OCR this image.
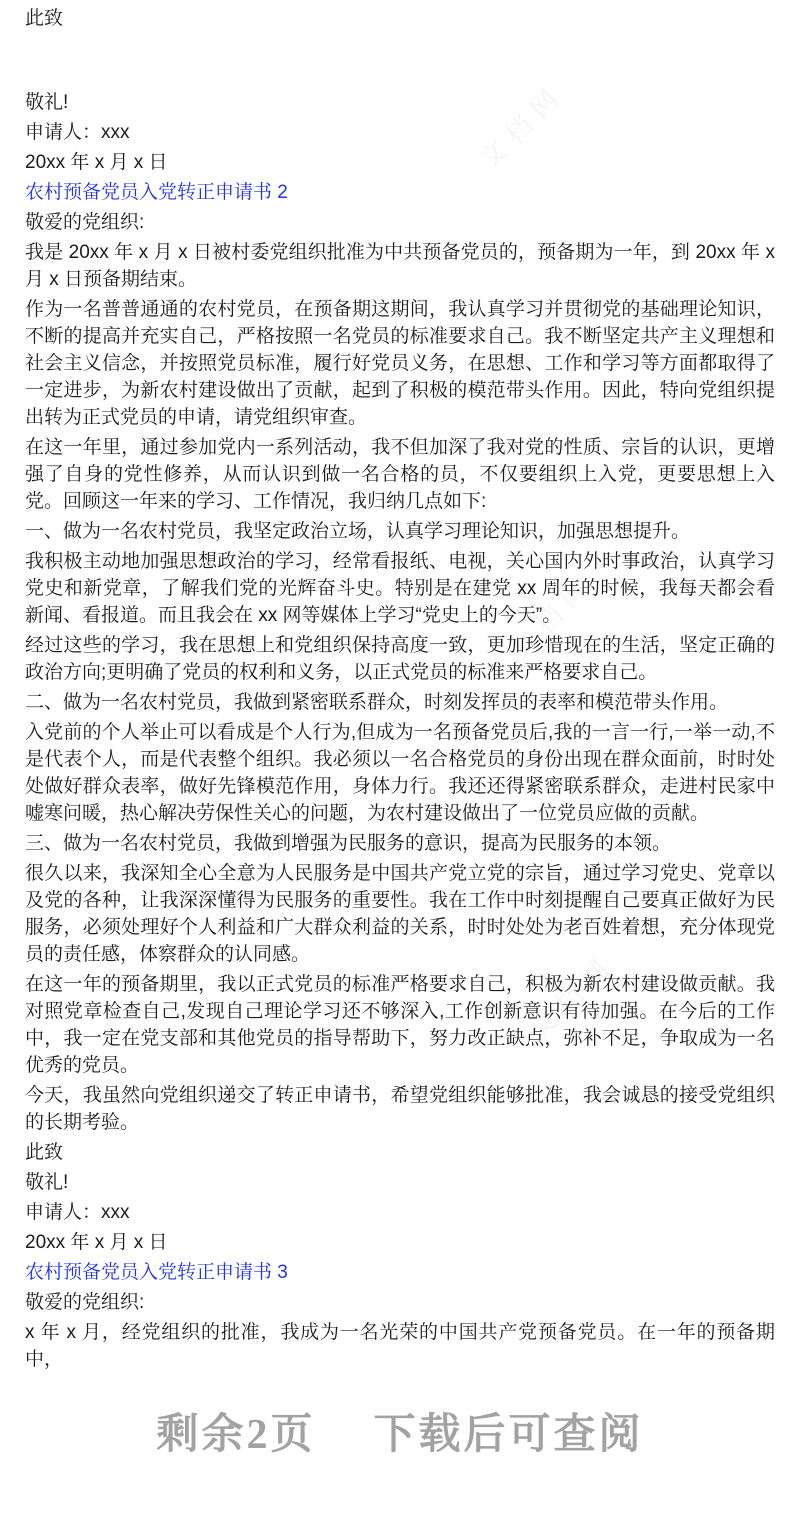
文档网
文档网
文档网

此致

敬礼!

申请人：xxx

20xx 年 x 月 x 日

农村预备党员入党转正申请书 2

敬爱的党组织:

我是 20xx 年 x 月 x 日被村委党组织批准为中共预备党员的，预备期为一年，到 20xx 年 x 月 x 日预备期结束。

作为一名普普通通的农村党员，在预备期这期间，我认真学习并贯彻党的基础理论知识，不断的提高并充实自己，严格按照一名党员的标准要求自己。我不断坚定共产主义理想和社会主义信念，并按照党员标准，履行好党员义务，在思想、工作和学习等方面都取得了一定进步，为新农村建设做出了贡献，起到了积极的模范带头作用。因此，特向党组织提出转为正式党员的申请，请党组织审查。

在这一年里，通过参加党内一系列活动，我不但加深了我对党的性质、宗旨的认识，更增强了自身的党性修养，从而认识到做一名合格的员，不仅要组织上入党，更要思想上入党。回顾这一年来的学习、工作情况，我归纳几点如下:

一、做为一名农村党员，我坚定政治立场，认真学习理论知识，加强思想提升。

我积极主动地加强思想政治的学习，经常看报纸、电视，关心国内外时事政治，认真学习党史和新党章，了解我们党的光辉奋斗史。特别是在建党 xx 周年的时候，我每天都会看新闻、看报道。而且我会在 xx 网等媒体上学习“党史上的今天”。

经过这些的学习，我在思想上和党组织保持高度一致，更加珍惜现在的生活，坚定正确的政治方向;更明确了党员的权利和义务，以正式党员的标准来严格要求自己。

二、做为一名农村党员，我做到紧密联系群众，时刻发挥员的表率和模范带头作用。

入党前的个人举止可以看成是个人行为,但成为一名预备党员后,我的一言一行,一举一动,不是代表个人，而是代表整个组织。我必须以一名合格党员的身份出现在群众面前，时时处处做好群众表率，做好先锋模范作用，身体力行。我还还得紧密联系群众，走进村民家中嘘寒问暖，热心解决劳保性关心的问题，为农村建设做出了一位党员应做的贡献。

三、做为一名农村党员，我做到增强为民服务的意识，提高为民服务的本领。

很久以来，我深知全心全意为人民服务是中国共产党立党的宗旨，通过学习党史、党章以及党的各种，让我深深懂得为民服务的重要性。我在工作中时刻提醒自己要真正做好为民服务，必须处理好个人利益和广大群众利益的关系，时时处处为老百姓着想，充分体现党员的责任感，体察群众的认同感。

在这一年的预备期里，我以正式党员的标准严格要求自己，积极为新农村建设做贡献。我对照党章检查自己,发现自己理论学习还不够深入,工作创新意识有待加强。在今后的工作中，我一定在党支部和其他党员的指导帮助下，努力改正缺点，弥补不足，争取成为一名优秀的党员。

今天，我虽然向党组织递交了转正申请书，希望党组织能够批准，我会诚恳的接受党组织的长期考验。

此致

敬礼!

申请人：xxx

20xx 年 x 月 x 日

农村预备党员入党转正申请书 3

敬爱的党组织:

x 年 x 月，经党组织的批准，我成为一名光荣的中国共产党预备党员。在一年的预备期中，

剩余2页 下载后可查阅
